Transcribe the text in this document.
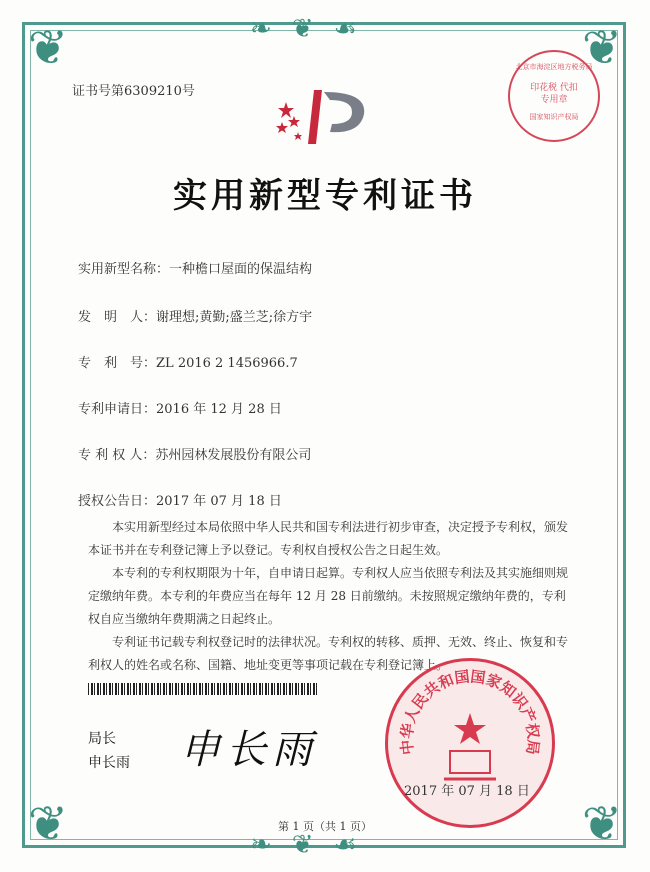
❦	❦
❦	❦
❧❦☙
❧❦☙
证书号第6309210号
北京市海淀区地方税务局
印花税 代扣专用章
国家知识产权局
实用新型专利证书
实用新型名称：一种檐口屋面的保温结构
发　明　人：谢理想;黄勤;盛兰芝;徐方宇
专　利　号：ZL 2016 2 1456966.7
专利申请日：2016 年 12 月 28 日
专 利 权 人：苏州园林发展股份有限公司
授权公告日：2017 年 07 月 18 日
本实用新型经过本局依照中华人民共和国专利法进行初步审查，决定授予专利权，颁发本证书并在专利登记簿上予以登记。专利权自授权公告之日起生效。
本专利的专利权期限为十年，自申请日起算。专利权人应当依照专利法及其实施细则规定缴纳年费。本专利的年费应当在每年 12 月 28 日前缴纳。未按照规定缴纳年费的，专利权自应当缴纳年费期满之日起终止。
专利证书记载专利权登记时的法律状况。专利权的转移、质押、无效、终止、恢复和专利权人的姓名或名称、国籍、地址变更等事项记载在专利登记簿上。
局长
申长雨 申长雨	中华人民共和国国家知识产权局
2017 年 07 月 18 日
第 1 页（共 1 页）
